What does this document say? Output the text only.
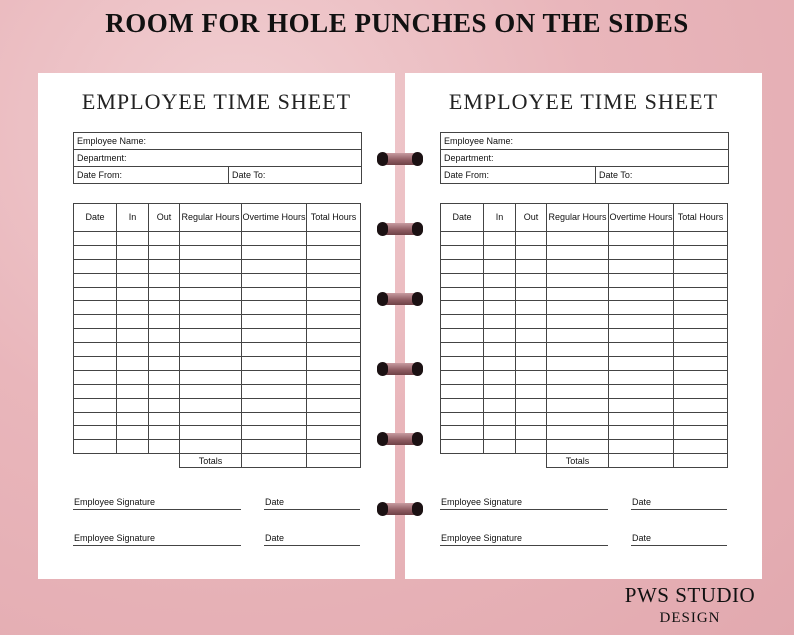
ROOM FOR HOLE PUNCHES ON THE SIDES
EMPLOYEE TIME SHEET
Employee Name:
Department:
Date From:	Date To:
Date	In	Out	Regular Hours	Overtime Hours	Total Hours

			Totals		
Employee Signature	Date
Employee Signature	Date
EMPLOYEE TIME SHEET
Employee Name:
Department:
Date From:	Date To:
Date	In	Out	Regular Hours	Overtime Hours	Total Hours

			Totals		
Employee Signature	Date
Employee Signature	Date
PWS STUDIO
DESIGN
